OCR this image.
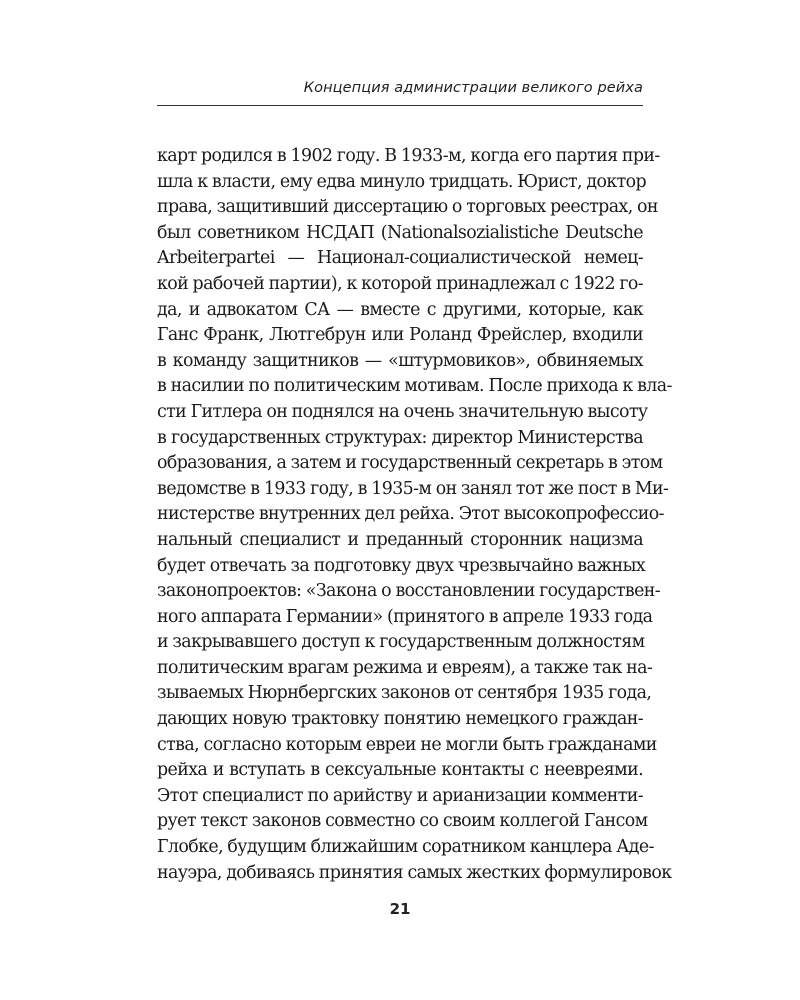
Концепция администрации великого рейха
карт родился в 1902 году. В 1933-м, когда его партия при-
шла к власти, ему едва минуло тридцать. Юрист, доктор
права, защитивший диссертацию о торговых реестрах, он
был советником НСДАП (Nationalsozialistiche Deutsche
Arbeiterpartei — Национал-социалистической немец-
кой рабочей партии), к которой принадлежал с 1922 го-
да, и адвокатом СА — вместе с другими, которые, как
Ганс Франк, Лютгебрун или Роланд Фрейслер, входили
в команду защитников — «штурмовиков», обвиняемых
в насилии по политическим мотивам. После прихода к вла-
сти Гитлера он поднялся на очень значительную высоту
в государственных структурах: директор Министерства
образования, а затем и государственный секретарь в этом
ведомстве в 1933 году, в 1935-м он занял тот же пост в Ми-
нистерстве внутренних дел рейха. Этот высокопрофессио-
нальный специалист и преданный сторонник нацизма
будет отвечать за подготовку двух чрезвычайно важных
законопроектов: «Закона о восстановлении государствен-
ного аппарата Германии» (принятого в апреле 1933 года
и закрывавшего доступ к государственным должностям
политическим врагам режима и евреям), а также так на-
зываемых Нюрнбергских законов от сентября 1935 года,
дающих новую трактовку понятию немецкого граждан-
ства, согласно которым евреи не могли быть гражданами
рейха и вступать в сексуальные контакты с неевреями.
Этот специалист по арийству и арианизации комменти-
рует текст законов совместно со своим коллегой Гансом
Глобке, будущим ближайшим соратником канцлера Аде-
науэра, добиваясь принятия самых жестких формулировок
21
